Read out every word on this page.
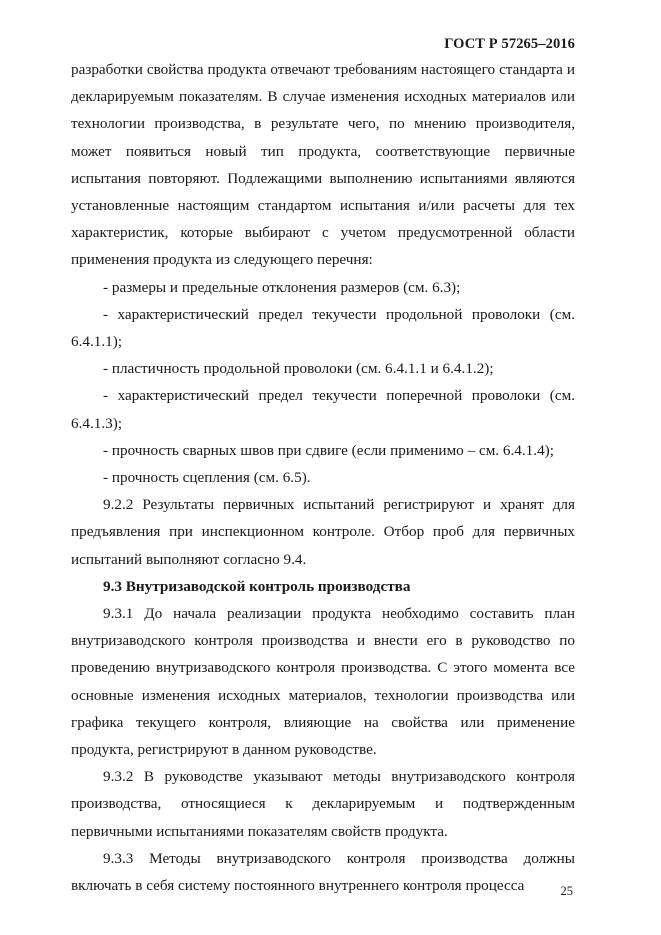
ГОСТ Р 57265–2016

разработки свойства продукта отвечают требованиям настоящего стандарта и декларируемым показателям. В случае изменения исходных материалов или технологии производства, в результате чего, по мнению производителя, может появиться новый тип продукта, соответствующие первичные испытания повторяют. Подлежащими выполнению испытаниями являются установленные настоящим стандартом испытания и/или расчеты для тех характеристик, которые выбирают с учетом предусмотренной области применения продукта из следующего перечня:

- размеры и предельные отклонения размеров (см. 6.3);

- характеристический предел текучести продольной проволоки (см. 6.4.1.1);

- пластичность продольной проволоки (см. 6.4.1.1 и 6.4.1.2);

- характеристический предел текучести поперечной проволоки (см. 6.4.1.3);

- прочность сварных швов при сдвиге (если применимо – см. 6.4.1.4);

- прочность сцепления (см. 6.5).

9.2.2 Результаты первичных испытаний регистрируют и хранят для предъявления при инспекционном контроле. Отбор проб для первичных испытаний выполняют согласно 9.4.

9.3 Внутризаводской контроль производства

9.3.1 До начала реализации продукта необходимо составить план внутризаводского контроля производства и внести его в руководство по проведению внутризаводского контроля производства. С этого момента все основные изменения исходных материалов, технологии производства или графика текущего контроля, влияющие на свойства или применение продукта, регистрируют в данном руководстве.

9.3.2 В руководстве указывают методы внутризаводского контроля производства, относящиеся к декларируемым и подтвержденным первичными испытаниями показателям свойств продукта.

9.3.3 Методы внутризаводского контроля производства должны включать в себя систему постоянного внутреннего контроля процесса	25
